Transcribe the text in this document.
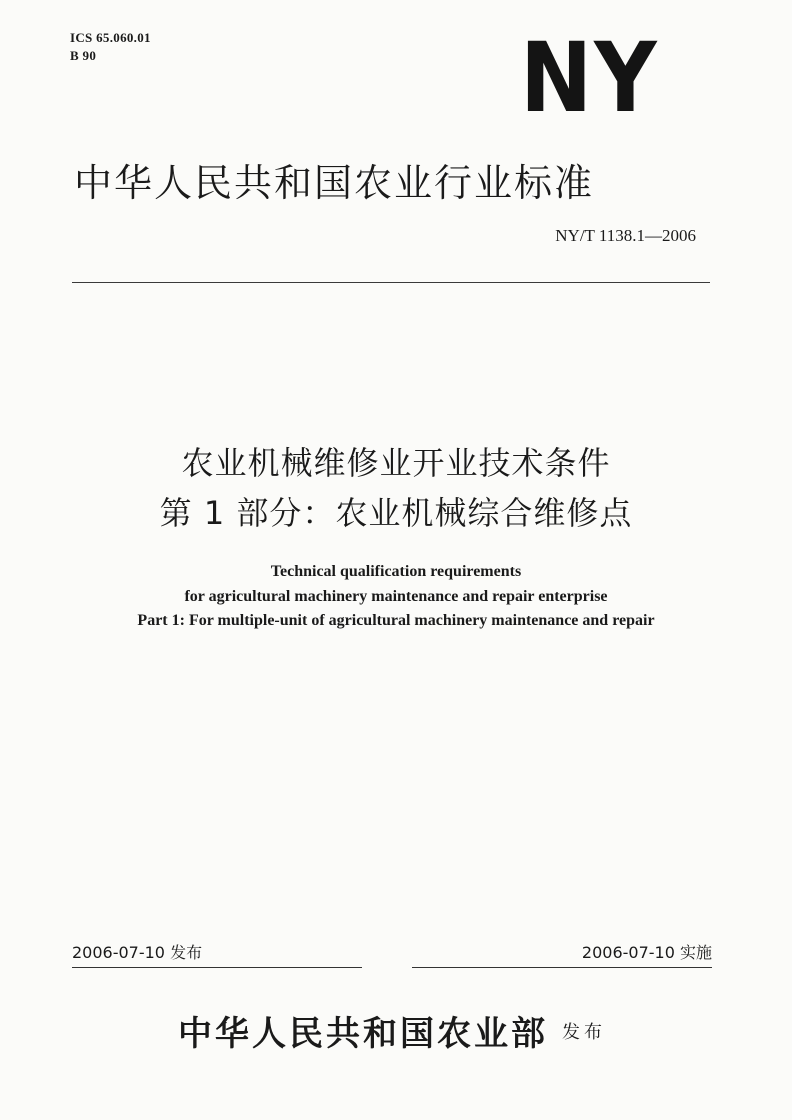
ICS 65.060.01
B 90	NY
中华人民共和国农业行业标准
NY/T 1138.1—2006
农业机械维修业开业技术条件
第 1 部分：农业机械综合维修点
Technical qualification requirements
for agricultural machinery maintenance and repair enterprise
Part 1: For multiple-unit of agricultural machinery maintenance and repair
2006-07-10 发布	2006-07-10 实施
中华人民共和国农业部 发布
